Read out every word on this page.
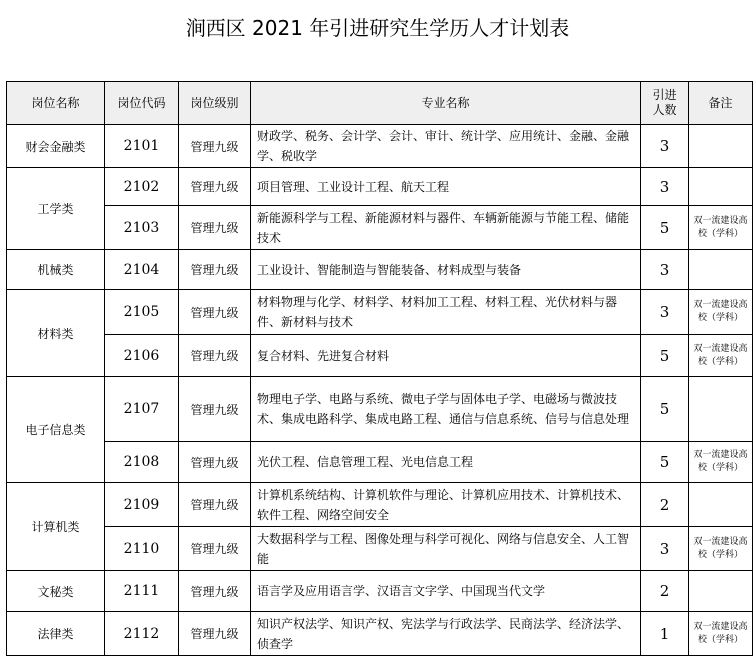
涧西区 2021 年引进研究生学历人才计划表
岗位名称	岗位代码	岗位级别	专业名称	引进人数	备注
财会金融类	2101	管理九级	财政学、税务、会计学、会计、审计、统计学、应用统计、金融、金融学、税收学	3	
工学类	2102	管理九级	项目管理、工业设计工程、航天工程	3	
	2103	管理九级	新能源科学与工程、新能源材料与器件、车辆新能源与节能工程、储能技术	5	双一流建设高校（学科）
机械类	2104	管理九级	工业设计、智能制造与智能装备、材料成型与装备	3	
材料类	2105	管理九级	材料物理与化学、材料学、材料加工工程、材料工程、光伏材料与器件、新材料与技术	3	双一流建设高校（学科）
	2106	管理九级	复合材料、先进复合材料	5	双一流建设高校（学科）
电子信息类	2107	管理九级	物理电子学、电路与系统、微电子学与固体电子学、电磁场与微波技术、集成电路科学、集成电路工程、通信与信息系统、信号与信息处理	5	
	2108	管理九级	光伏工程、信息管理工程、光电信息工程	5	双一流建设高校（学科）
计算机类	2109	管理九级	计算机系统结构、计算机软件与理论、计算机应用技术、计算机技术、软件工程、网络空间安全	2	
	2110	管理九级	大数据科学与工程、图像处理与科学可视化、网络与信息安全、人工智能	3	双一流建设高校（学科）
文秘类	2111	管理九级	语言学及应用语言学、汉语言文字学、中国现当代文学	2	
法律类	2112	管理九级	知识产权法学、知识产权、宪法学与行政法学、民商法学、经济法学、侦查学	1	双一流建设高校（学科）
